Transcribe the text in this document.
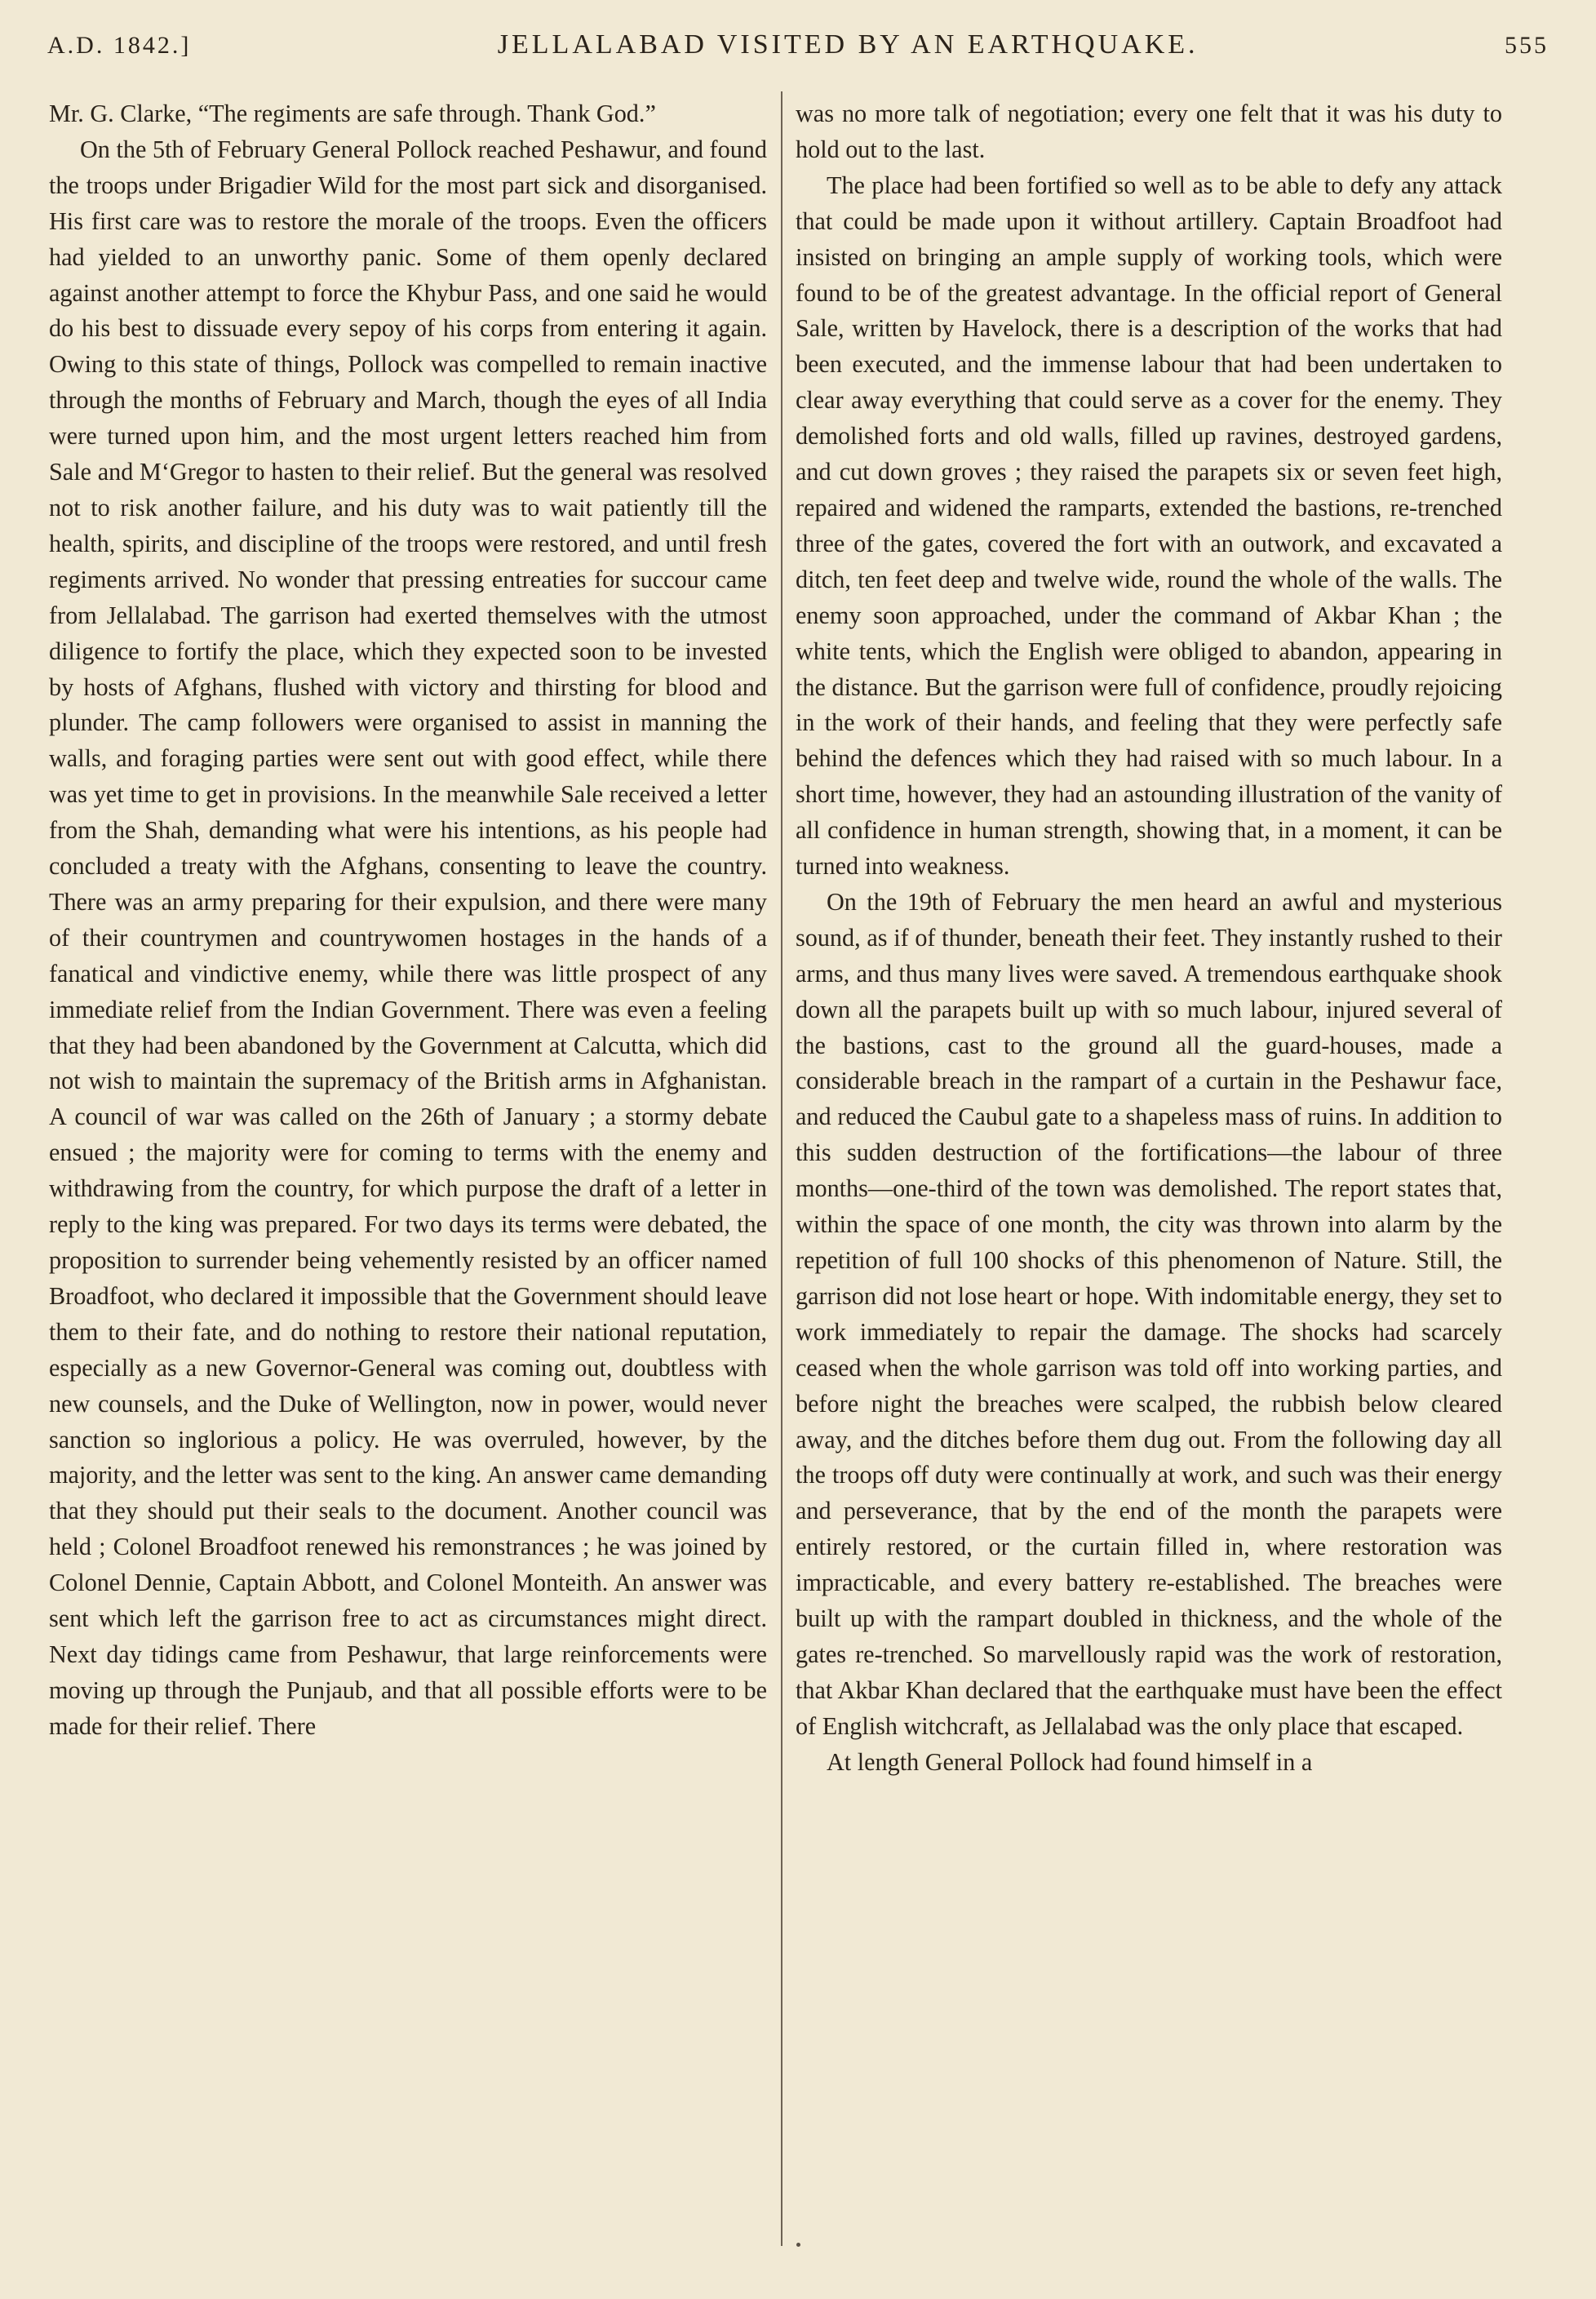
A.D. 1842.]	JELLALABAD VISITED BY AN EARTHQUAKE.	555

Mr. G. Clarke, “The regiments are safe through. Thank God.”

On the 5th of February General Pollock reached Peshawur, and found the troops under Brigadier Wild for the most part sick and disorganised. His first care was to restore the morale of the troops. Even the officers had yielded to an unworthy panic. Some of them openly declared against another attempt to force the Khybur Pass, and one said he would do his best to dissuade every sepoy of his corps from entering it again. Owing to this state of things, Pollock was compelled to remain inactive through the months of February and March, though the eyes of all India were turned upon him, and the most urgent letters reached him from Sale and M‘Gregor to hasten to their relief. But the general was resolved not to risk another failure, and his duty was to wait patiently till the health, spirits, and discipline of the troops were restored, and until fresh regiments arrived. No wonder that pressing entreaties for succour came from Jellalabad. The garrison had exerted themselves with the utmost diligence to fortify the place, which they expected soon to be invested by hosts of Afghans, flushed with victory and thirsting for blood and plunder. The camp followers were organised to assist in manning the walls, and foraging parties were sent out with good effect, while there was yet time to get in provisions. In the meanwhile Sale received a letter from the Shah, demanding what were his intentions, as his people had concluded a treaty with the Afghans, consenting to leave the country. There was an army preparing for their expulsion, and there were many of their countrymen and countrywomen hostages in the hands of a fanatical and vindictive enemy, while there was little prospect of any immediate relief from the Indian Government. There was even a feeling that they had been abandoned by the Government at Calcutta, which did not wish to maintain the supremacy of the British arms in Afghanistan. A council of war was called on the 26th of January ; a stormy debate ensued ; the majority were for coming to terms with the enemy and withdrawing from the country, for which purpose the draft of a letter in reply to the king was prepared. For two days its terms were debated, the proposition to surrender being vehemently resisted by an officer named Broadfoot, who declared it impossible that the Government should leave them to their fate, and do nothing to restore their national reputation, especially as a new Governor-General was coming out, doubtless with new counsels, and the Duke of Wellington, now in power, would never sanction so inglorious a policy. He was overruled, however, by the majority, and the letter was sent to the king. An answer came demanding that they should put their seals to the document. Another council was held ; Colonel Broadfoot renewed his remonstrances ; he was joined by Colonel Dennie, Captain Abbott, and Colonel Monteith. An answer was sent which left the garrison free to act as circumstances might direct. Next day tidings came from Peshawur, that large reinforcements were moving up through the Punjaub, and that all possible efforts were to be made for their relief. There

was no more talk of negotiation; every one felt that it was his duty to hold out to the last.

The place had been fortified so well as to be able to defy any attack that could be made upon it without artillery. Captain Broadfoot had insisted on bringing an ample supply of working tools, which were found to be of the greatest advantage. In the official report of General Sale, written by Havelock, there is a description of the works that had been executed, and the immense labour that had been undertaken to clear away everything that could serve as a cover for the enemy. They demolished forts and old walls, filled up ravines, destroyed gardens, and cut down groves ; they raised the parapets six or seven feet high, repaired and widened the ramparts, extended the bastions, re-trenched three of the gates, covered the fort with an outwork, and excavated a ditch, ten feet deep and twelve wide, round the whole of the walls. The enemy soon approached, under the command of Akbar Khan ; the white tents, which the English were obliged to abandon, appearing in the distance. But the garrison were full of confidence, proudly rejoicing in the work of their hands, and feeling that they were perfectly safe behind the defences which they had raised with so much labour. In a short time, however, they had an astounding illustration of the vanity of all confidence in human strength, showing that, in a moment, it can be turned into weakness.

On the 19th of February the men heard an awful and mysterious sound, as if of thunder, beneath their feet. They instantly rushed to their arms, and thus many lives were saved. A tremendous earthquake shook down all the parapets built up with so much labour, injured several of the bastions, cast to the ground all the guard-houses, made a considerable breach in the rampart of a curtain in the Peshawur face, and reduced the Caubul gate to a shapeless mass of ruins. In addition to this sudden destruction of the fortifications—the labour of three months—one-third of the town was demolished. The report states that, within the space of one month, the city was thrown into alarm by the repetition of full 100 shocks of this phenomenon of Nature. Still, the garrison did not lose heart or hope. With indomitable energy, they set to work immediately to repair the damage. The shocks had scarcely ceased when the whole garrison was told off into working parties, and before night the breaches were scalped, the rubbish below cleared away, and the ditches before them dug out. From the following day all the troops off duty were continually at work, and such was their energy and perseverance, that by the end of the month the parapets were entirely restored, or the curtain filled in, where restoration was impracticable, and every battery re-established. The breaches were built up with the rampart doubled in thickness, and the whole of the gates re-trenched. So marvellously rapid was the work of restoration, that Akbar Khan declared that the earthquake must have been the effect of English witchcraft, as Jellalabad was the only place that escaped.

At length General Pollock had found himself in a
